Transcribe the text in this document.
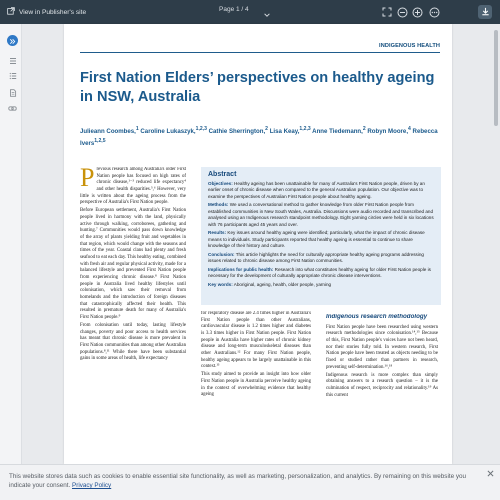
View in Publisher's site	Page 1 / 4
INDIGENOUS HEALTH
First Nation Elders’ perspectives on healthy ageing in NSW, Australia
Julieann Coombes,$^1$ Caroline Lukaszyk,$^{1,2,3}$ Cathie Sherrington,$^2$ Lisa Keay,$^{1,2,3}$ Anne Tiedemann,$^2$ Robyn Moore,$^4$ Rebecca Ivers$^{1,2,5}$
P revious research among Australia's older First Nation people has focused on high rates of chronic disease,¹⁻³ reduced life expectancy⁴ and other health disparities.⁵,⁶ However, very little is written about the ageing process from the perspective of Australia's First Nation people.

Before European settlement, Australia's First Nation people lived in harmony with the land, physically active through walking, corroborees, gathering and hunting.⁷ Communities would pass down knowledge of the array of plants yielding fruit and vegetables in that region, which would change with the seasons and times of the year. Coastal clans had plenty and fresh seafood to eat each day. This healthy eating, combined with fresh air and regular physical activity, made for a balanced lifestyle and prevented First Nation people from experiencing chronic disease.⁸ First Nation people in Australia lived healthy lifestyles until colonisation, which saw their removal from homelands and the introduction of foreign diseases that catastrophically affected their health. This resulted in premature death for many of Australia's First Nation people.⁹

From colonisation until today, lasting lifestyle changes, poverty and poor access to health services has meant that chronic disease is more prevalent in First Nation communities than among other Australian populations.⁸,¹¹ While there have been substantial gains in some areas of health, life expectancy

Abstract

Objectives: Healthy ageing has been unattainable for many of Australia's First Nation people, driven by an earlier onset of chronic disease when compared to the general Australian population. Our objective was to examine the perspectives of Australian First Nation people about healthy ageing.

Methods: We used a conversational method to gather knowledge from older First Nation people from established communities in New South Wales, Australia. Discussions were audio recorded and transcribed and analysed using an Indigenous research standpoint methodology. Eight yarning circles were held in six locations with 76 participants aged 45 years and over.

Results: Key issues around healthy ageing were identified; particularly, what the impact of chronic disease means to individuals. Study participants reported that healthy ageing is essential to continue to share knowledge of their history and culture.

Conclusion: This article highlights the need for culturally appropriate healthy ageing programs addressing issues related to chronic disease among First Nation communities.

Implications for public health: Research into what constitutes healthy ageing for older First Nation people is necessary for the development of culturally appropriate chronic disease interventions.

Key words: Aboriginal, ageing, health, older people, yarning

for respiratory disease are 2.4 times higher in Australia's First Nation people than other Australians, cardiovascular disease is 1.2 times higher and diabetes is 3.3 times higher in First Nation people. First Nation people in Australia have higher rates of chronic kidney disease and long-term musculoskeletal diseases than other Australians.¹² For many First Nation people, healthy ageing appears to be largely unattainable in this context.¹³

This study aimed to provide an insight into how older First Nation people in Australia perceive healthy ageing in the context of overwhelming evidence that healthy ageing

Indigenous research methodology

First Nation people have been researched using western research methodologies since colonisation.¹⁴,¹⁵ Because of this, First Nation people's voices have not been heard, nor their stories fully told. In western research, First Nation people have been treated as objects needing to be fixed or studied rather than partners in research, preventing self-determination.¹⁶,¹⁸

Indigenous research is more complex than simply obtaining answers to a research question – it is the culmination of respect, reciprocity and relationality.¹⁹ As this current

This website stores data such as cookies to enable essential site functionality, as well as marketing, personalization, and analytics. By remaining on this website you indicate your consent. Privacy Policy
